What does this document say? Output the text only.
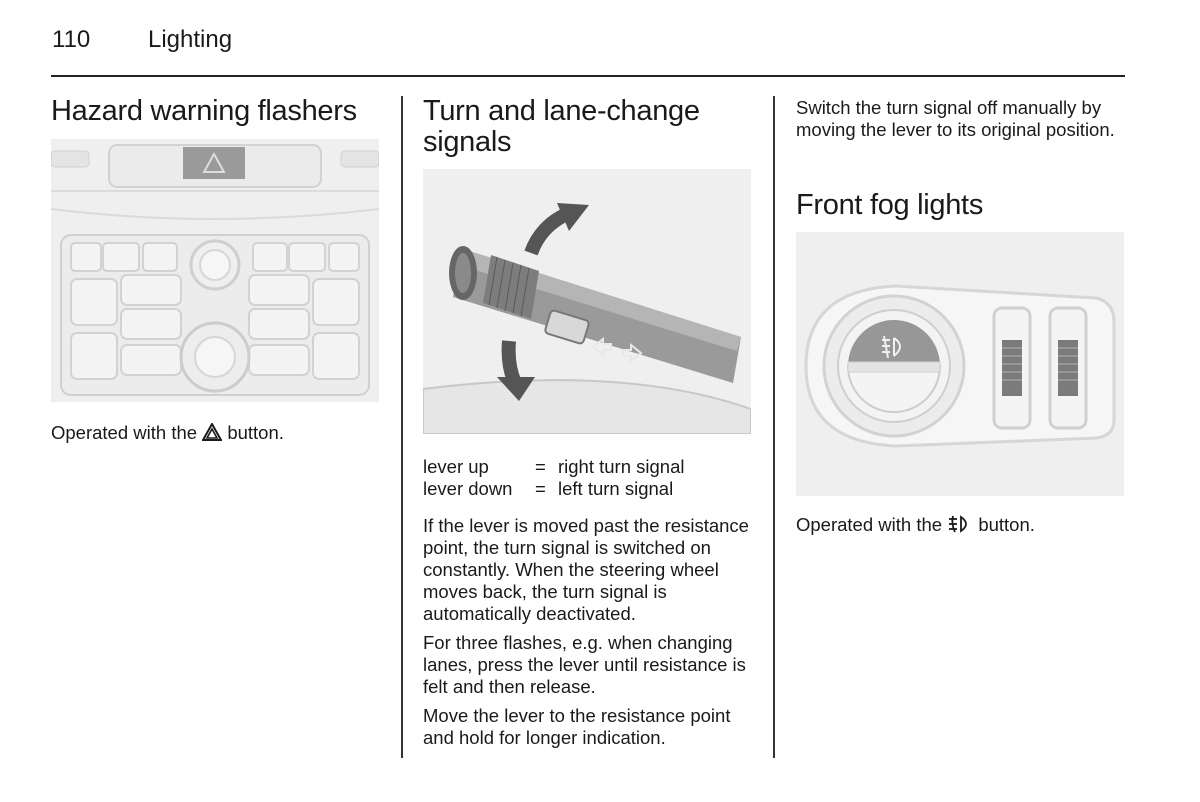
110 Lighting
Hazard warning flashers

Operated with the button.

Turn and lane-change
signals
lever up	=	right turn signal
lever down	=	left turn signal

If the lever is moved past the resistance point, the turn signal is switched on constantly. When the steering wheel moves back, the turn signal is automatically deactivated.

For three flashes, e.g. when changing lanes, press the lever until resistance is felt and then release.

Move the lever to the resistance point and hold for longer indication.

Switch the turn signal off manually by moving the lever to its original position.

Front fog lights

Operated with the button.
